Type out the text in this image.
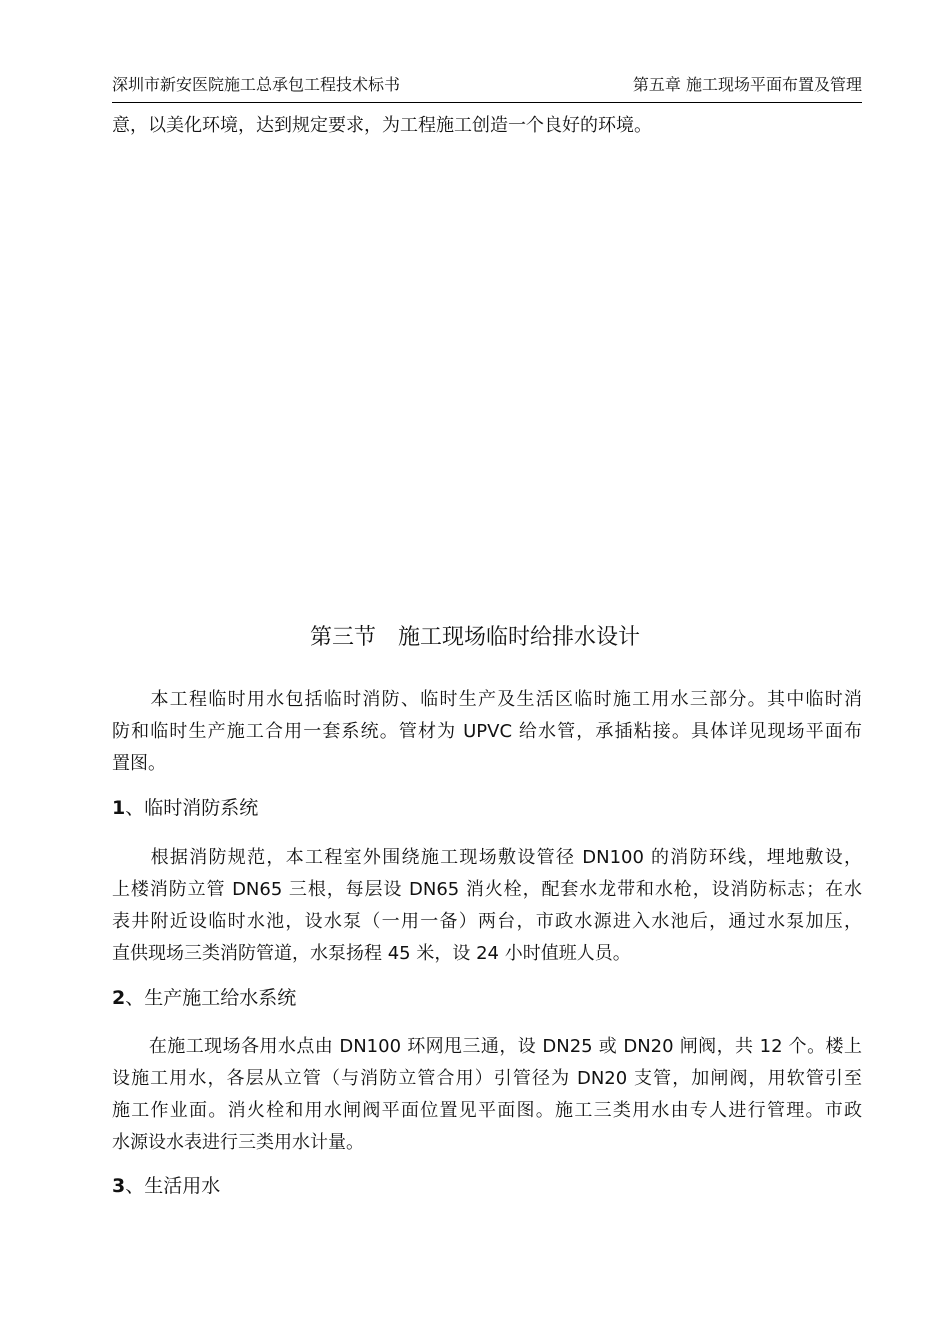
深圳市新安医院施工总承包工程技术标书	第五章 施工现场平面布置及管理
意，以美化环境，达到规定要求，为工程施工创造一个良好的环境。
第三节　施工现场临时给排水设计
　　本工程临时用水包括临时消防、临时生产及生活区临时施工用水三部分。其中临时消
防和临时生产施工合用一套系统。管材为 UPVC 给水管，承插粘接。具体详见现场平面布
置图。
1、临时消防系统
　　根据消防规范，本工程室外围绕施工现场敷设管径 DN100 的消防环线，埋地敷设，
上楼消防立管 DN65 三根，每层设 DN65 消火栓，配套水龙带和水枪，设消防标志；在水
表井附近设临时水池，设水泵（一用一备）两台，市政水源进入水池后，通过水泵加压，
直供现场三类消防管道，水泵扬程 45 米，设 24 小时值班人员。
2、生产施工给水系统
　　在施工现场各用水点由 DN100 环网甩三通，设 DN25 或 DN20 闸阀，共 12 个。楼上
设施工用水，各层从立管（与消防立管合用）引管径为 DN20 支管，加闸阀，用软管引至
施工作业面。消火栓和用水闸阀平面位置见平面图。施工三类用水由专人进行管理。市政
水源设水表进行三类用水计量。
3、生活用水
